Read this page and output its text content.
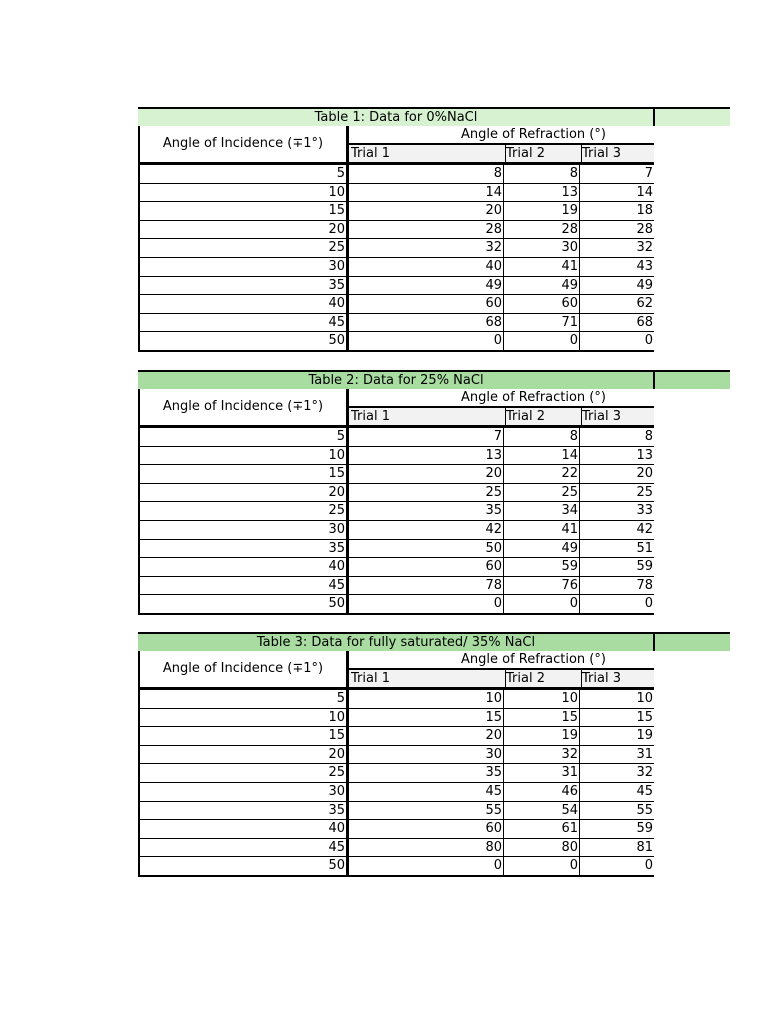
Table 1: Data for 0%NaCl
Angle of Incidence (∓1°)
Angle of Refraction (°)
Trial 1	Trial 2	Trial 3
5	8	8	7
10	14	13	14
15	20	19	18
20	28	28	28
25	32	30	32
30	40	41	43
35	49	49	49
40	60	60	62
45	68	71	68
50	0	0	0
Table 2: Data for 25% NaCl
Angle of Incidence (∓1°)
Angle of Refraction (°)
Trial 1	Trial 2	Trial 3
5	7	8	8
10	13	14	13
15	20	22	20
20	25	25	25
25	35	34	33
30	42	41	42
35	50	49	51
40	60	59	59
45	78	76	78
50	0	0	0
Table 3: Data for fully saturated/ 35% NaCl
Angle of Incidence (∓1°)
Angle of Refraction (°)
Trial 1	Trial 2	Trial 3
5	10	10	10
10	15	15	15
15	20	19	19
20	30	32	31
25	35	31	32
30	45	46	45
35	55	54	55
40	60	61	59
45	80	80	81
50	0	0	0
